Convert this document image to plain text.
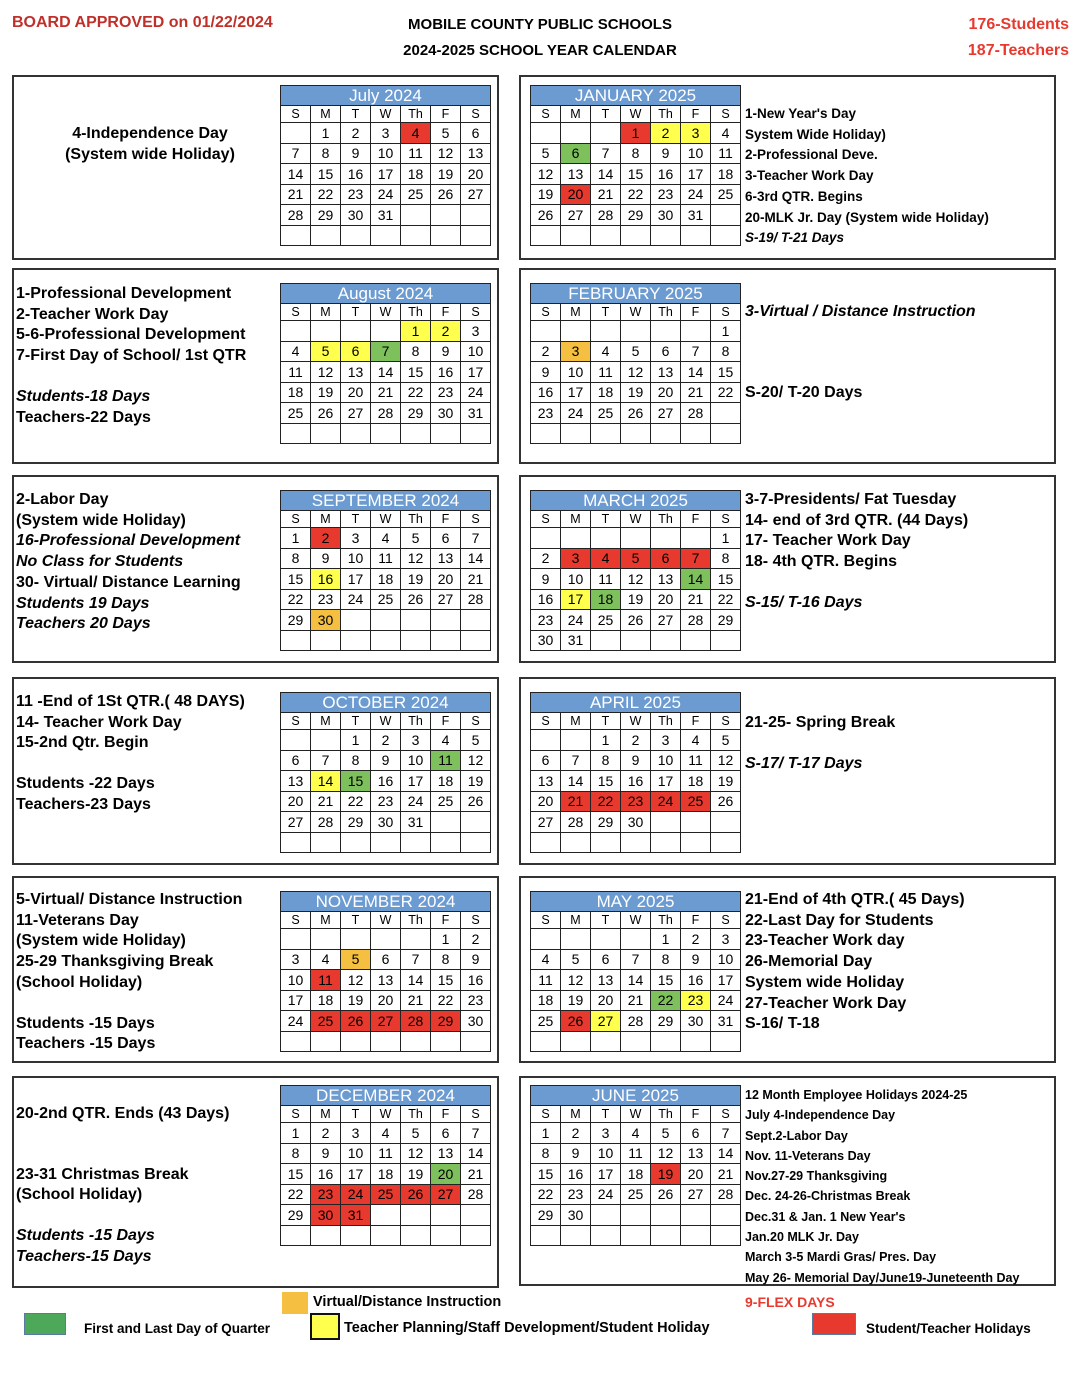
BOARD APPROVED on 01/22/2024	MOBILE COUNTY PUBLIC SCHOOLS
2024-2025 SCHOOL YEAR CALENDAR
176-Students
187-Teachers
July 2024						
S	M	T	W	Th	F	S
	1	2	3	4	5	6
7	8	9	10	11	12	13
14	15	16	17	18	19	20
21	22	23	24	25	26	27
28	29	30	31			

4-Independence Day
(System wide Holiday)
JANUARY 2025						
S	M	T	W	Th	F	S
			1	2	3	4
5	6	7	8	9	10	11
12	13	14	15	16	17	18
19	20	21	22	23	24	25
26	27	28	29	30	31	

1-New Year's Day
System Wide Holiday)
2-Professional Deve.
3-Teacher Work Day
6-3rd QTR. Begins
20-MLK Jr. Day (System wide Holiday)
S-19/ T-21 Days
August 2024						
S	M	T	W	Th	F	S
				1	2	3
4	5	6	7	8	9	10
11	12	13	14	15	16	17
18	19	20	21	22	23	24
25	26	27	28	29	30	31

1-Professional Development
2-Teacher Work Day
5-6-Professional Development
7-First Day of School/ 1st QTR
Students-18 Days
Teachers-22 Days
FEBRUARY 2025						
S	M	T	W	Th	F	S
						1
2	3	4	5	6	7	8
9	10	11	12	13	14	15
16	17	18	19	20	21	22
23	24	25	26	27	28	

3-Virtual / Distance Instruction
S-20/ T-20 Days
SEPTEMBER 2024						
S	M	T	W	Th	F	S
1	2	3	4	5	6	7
8	9	10	11	12	13	14
15	16	17	18	19	20	21
22	23	24	25	26	27	28
29	30					

2-Labor Day
(System wide Holiday)
16-Professional Development
No Class for Students
30- Virtual/ Distance Learning
Students 19 Days
Teachers 20 Days
MARCH 2025						
S	M	T	W	Th	F	S
						1
2	3	4	5	6	7	8
9	10	11	12	13	14	15
16	17	18	19	20	21	22
23	24	25	26	27	28	29
30	31					
3-7-Presidents/ Fat Tuesday
14- end of 3rd QTR. (44 Days)
17- Teacher Work Day
18- 4th QTR. Begins
S-15/ T-16 Days
OCTOBER 2024						
S	M	T	W	Th	F	S
		1	2	3	4	5
6	7	8	9	10	11	12
13	14	15	16	17	18	19
20	21	22	23	24	25	26
27	28	29	30	31		

11 -End of 1St QTR.( 48 DAYS)
14- Teacher Work Day
15-2nd Qtr. Begin
Students -22 Days
Teachers-23 Days
APRIL 2025						
S	M	T	W	Th	F	S
		1	2	3	4	5
6	7	8	9	10	11	12
13	14	15	16	17	18	19
20	21	22	23	24	25	26
27	28	29	30			

21-25- Spring Break
S-17/ T-17 Days
NOVEMBER 2024						
S	M	T	W	Th	F	S
					1	2
3	4	5	6	7	8	9
10	11	12	13	14	15	16
17	18	19	20	21	22	23
24	25	26	27	28	29	30

5-Virtual/ Distance Instruction
11-Veterans Day
(System wide Holiday)
25-29 Thanksgiving Break
(School Holiday)
Students -15 Days
Teachers -15 Days
MAY 2025						
S	M	T	W	Th	F	S
				1	2	3
4	5	6	7	8	9	10
11	12	13	14	15	16	17
18	19	20	21	22	23	24
25	26	27	28	29	30	31

21-End of 4th QTR.( 45 Days)
22-Last Day for Students
23-Teacher Work day
26-Memorial Day
System wide Holiday
27-Teacher Work Day
S-16/ T-18
DECEMBER 2024						
S	M	T	W	Th	F	S
1	2	3	4	5	6	7
8	9	10	11	12	13	14
15	16	17	18	19	20	21
22	23	24	25	26	27	28
29	30	31				

20-2nd QTR. Ends (43 Days)
23-31 Christmas Break
(School Holiday)
Students -15 Days
Teachers-15 Days
JUNE 2025						
S	M	T	W	Th	F	S
1	2	3	4	5	6	7
8	9	10	11	12	13	14
15	16	17	18	19	20	21
22	23	24	25	26	27	28
29	30					

12 Month Employee Holidays 2024-25
July 4-Independence Day
Sept.2-Labor Day
Nov. 11-Veterans Day
Nov.27-29 Thanksgiving
Dec. 24-26-Christmas Break
Dec.31 & Jan. 1 New Year's
Jan.20 MLK Jr. Day
March 3-5 Mardi Gras/ Pres. Day
May 26- Memorial Day/June19-Juneteenth Day
Virtual/Distance Instruction
First and Last Day of Quarter	Teacher Planning/Staff Development/Student Holiday
9-FLEX DAYS
Student/Teacher Holidays
